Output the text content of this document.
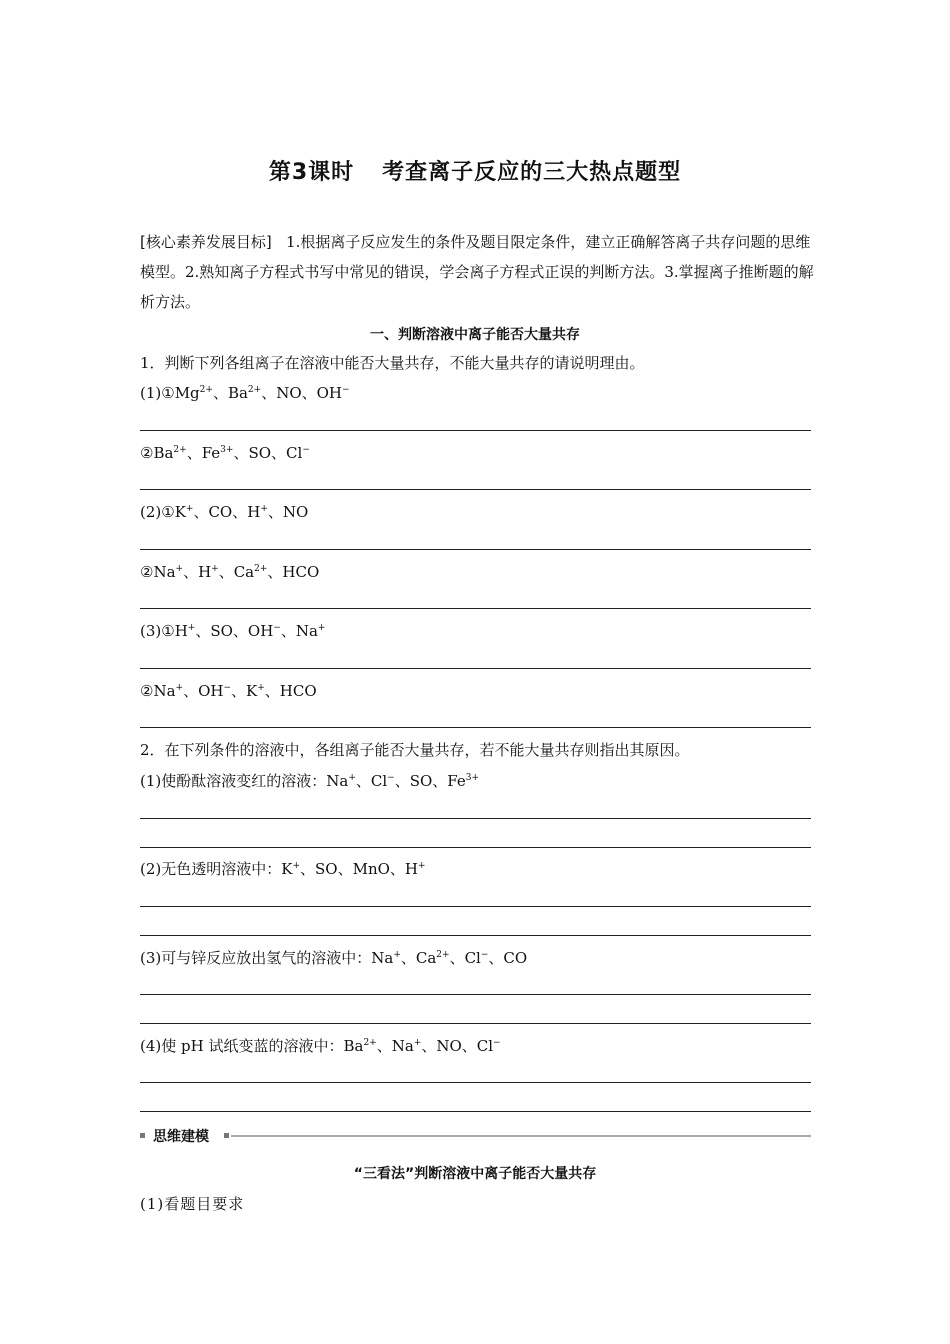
第3课时 考查离子反应的三大热点题型
[核心素养发展目标] 1.根据离子反应发生的条件及题目限定条件，建立正确解答离子共存问题的思维模型。2.熟知离子方程式书写中常见的错误，学会离子方程式正误的判断方法。3.掌握离子推断题的解析方法。
一、判断溶液中离子能否大量共存
1．判断下列各组离子在溶液中能否大量共存，不能大量共存的请说明理由。
$(1)①Mg^{2+}$、$Ba^{2+}$、NO、OH−
$②Ba^{2+}$、$Fe^{3+}$、SO、Cl−
(2)①K+、CO、H+、NO
②Na+、H+、$Ca^{2+}$、HCO
(3)①H+、SO、OH−、Na+
②Na+、OH−、K+、HCO
2．在下列条件的溶液中，各组离子能否大量共存，若不能大量共存则指出其原因。
(1)使酚酞溶液变红的溶液：Na+、Cl−、SO、$Fe^{3+}$
(2)无色透明溶液中：K+、SO、MnO、H+
(3)可与锌反应放出氢气的溶液中：Na+、$Ca^{2+}$、Cl−、CO
(4)使 pH 试纸变蓝的溶液中：$Ba^{2+}$、Na+、NO、Cl−
思维建模
“三看法”判断溶液中离子能否大量共存
(1)看题目要求
